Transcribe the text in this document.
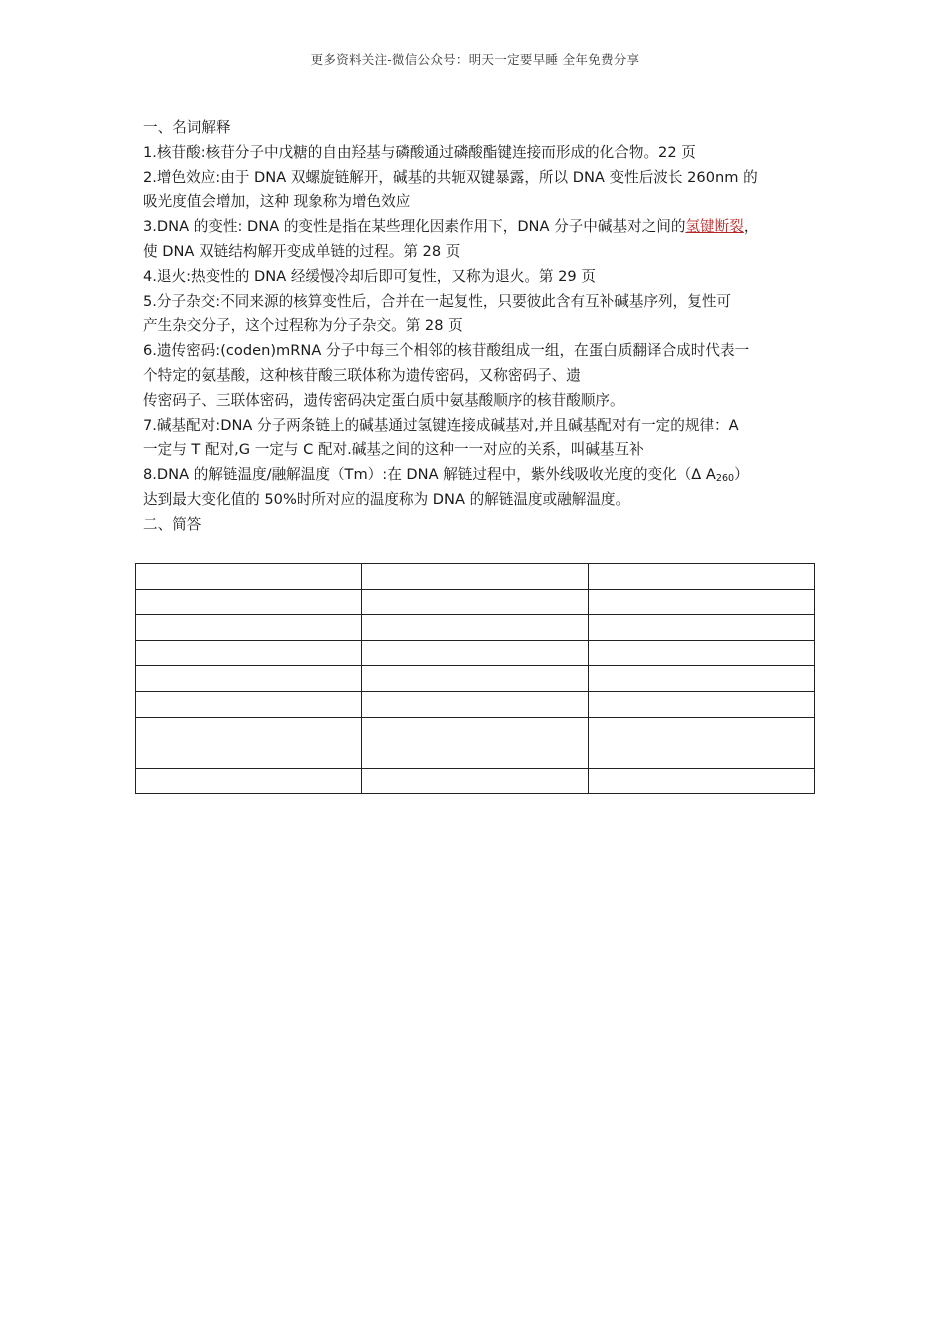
更多资料关注-微信公众号：明天一定要早睡 全年免费分享

一、名词解释

1.核苷酸:核苷分子中戊糖的自由羟基与磷酸通过磷酸酯键连接而形成的化合物。22 页

2.增色效应:由于 DNA 双螺旋链解开，碱基的共轭双键暴露，所以 DNA 变性后波长 260nm 的

吸光度值会增加，这种 现象称为增色效应

3.DNA 的变性: DNA 的变性是指在某些理化因素作用下，DNA 分子中碱基对之间的氢键断裂，

使 DNA 双链结构解开变成单链的过程。第 28 页

4.退火:热变性的 DNA 经缓慢冷却后即可复性，又称为退火。第 29 页

5.分子杂交:不同来源的核算变性后，合并在一起复性，只要彼此含有互补碱基序列，复性可

产生杂交分子，这个过程称为分子杂交。第 28 页

6.遗传密码:(coden)mRNA 分子中每三个相邻的核苷酸组成一组，在蛋白质翻译合成时代表一

个特定的氨基酸，这种核苷酸三联体称为遗传密码，又称密码子、遗

传密码子、三联体密码，遗传密码决定蛋白质中氨基酸顺序的核苷酸顺序。

7.碱基配对:DNA 分子两条链上的碱基通过氢键连接成碱基对,并且碱基配对有一定的规律：A

一定与 T 配对,G 一定与 C 配对.碱基之间的这种一一对应的关系，叫碱基互补

8.DNA 的解链温度/融解温度（Tm）:在 DNA 解链过程中，紫外线吸收光度的变化（Δ $A_{260}$）

达到最大变化值的 50%时所对应的温度称为 DNA 的解链温度或融解温度。

二、简答
